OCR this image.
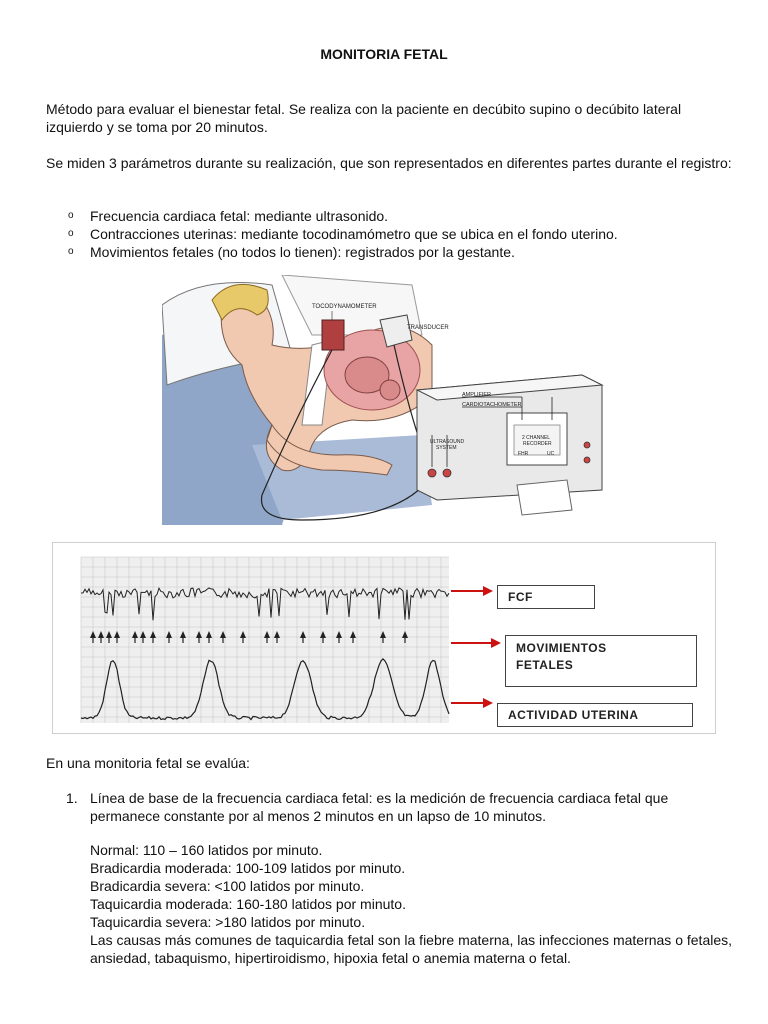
MONITORIA FETAL

Método para evaluar el bienestar fetal. Se realiza con la paciente en decúbito supino o decúbito lateral izquierdo y se toma por 20 minutos.

Se miden 3 parámetros durante su realización, que son representados en diferentes partes durante el registro:

o Frecuencia cardiaca fetal: mediante ultrasonido.
o Contracciones uterinas: mediante tocodinamómetro que se ubica en el fondo uterino.
o Movimientos fetales (no todos lo tienen): registrados por la gestante.
TOCODYNAMOMETER
TRANSDUCER
AMPLIFIER
CARDIOTACHOMETER
ULTRASOUND
SYSTEM
2 CHANNEL
RECORDER
FHR	UC
FCF
MOVIMIENTOS
FETALES
ACTIVIDAD UTERINA

En una monitoria fetal se evalúa:

1. Línea de base de la frecuencia cardiaca fetal: es la medición de frecuencia cardiaca fetal que permanece constante por al menos 2 minutos en un lapso de 10 minutos.

Normal: 110 – 160 latidos por minuto.
Bradicardia moderada: 100-109 latidos por minuto.
Bradicardia severa: <100 latidos por minuto.
Taquicardia moderada: 160-180 latidos por minuto.
Taquicardia severa: >180 latidos por minuto.
Las causas más comunes de taquicardia fetal son la fiebre materna, las infecciones maternas o fetales, ansiedad, tabaquismo, hipertiroidismo, hipoxia fetal o anemia materna o fetal.
